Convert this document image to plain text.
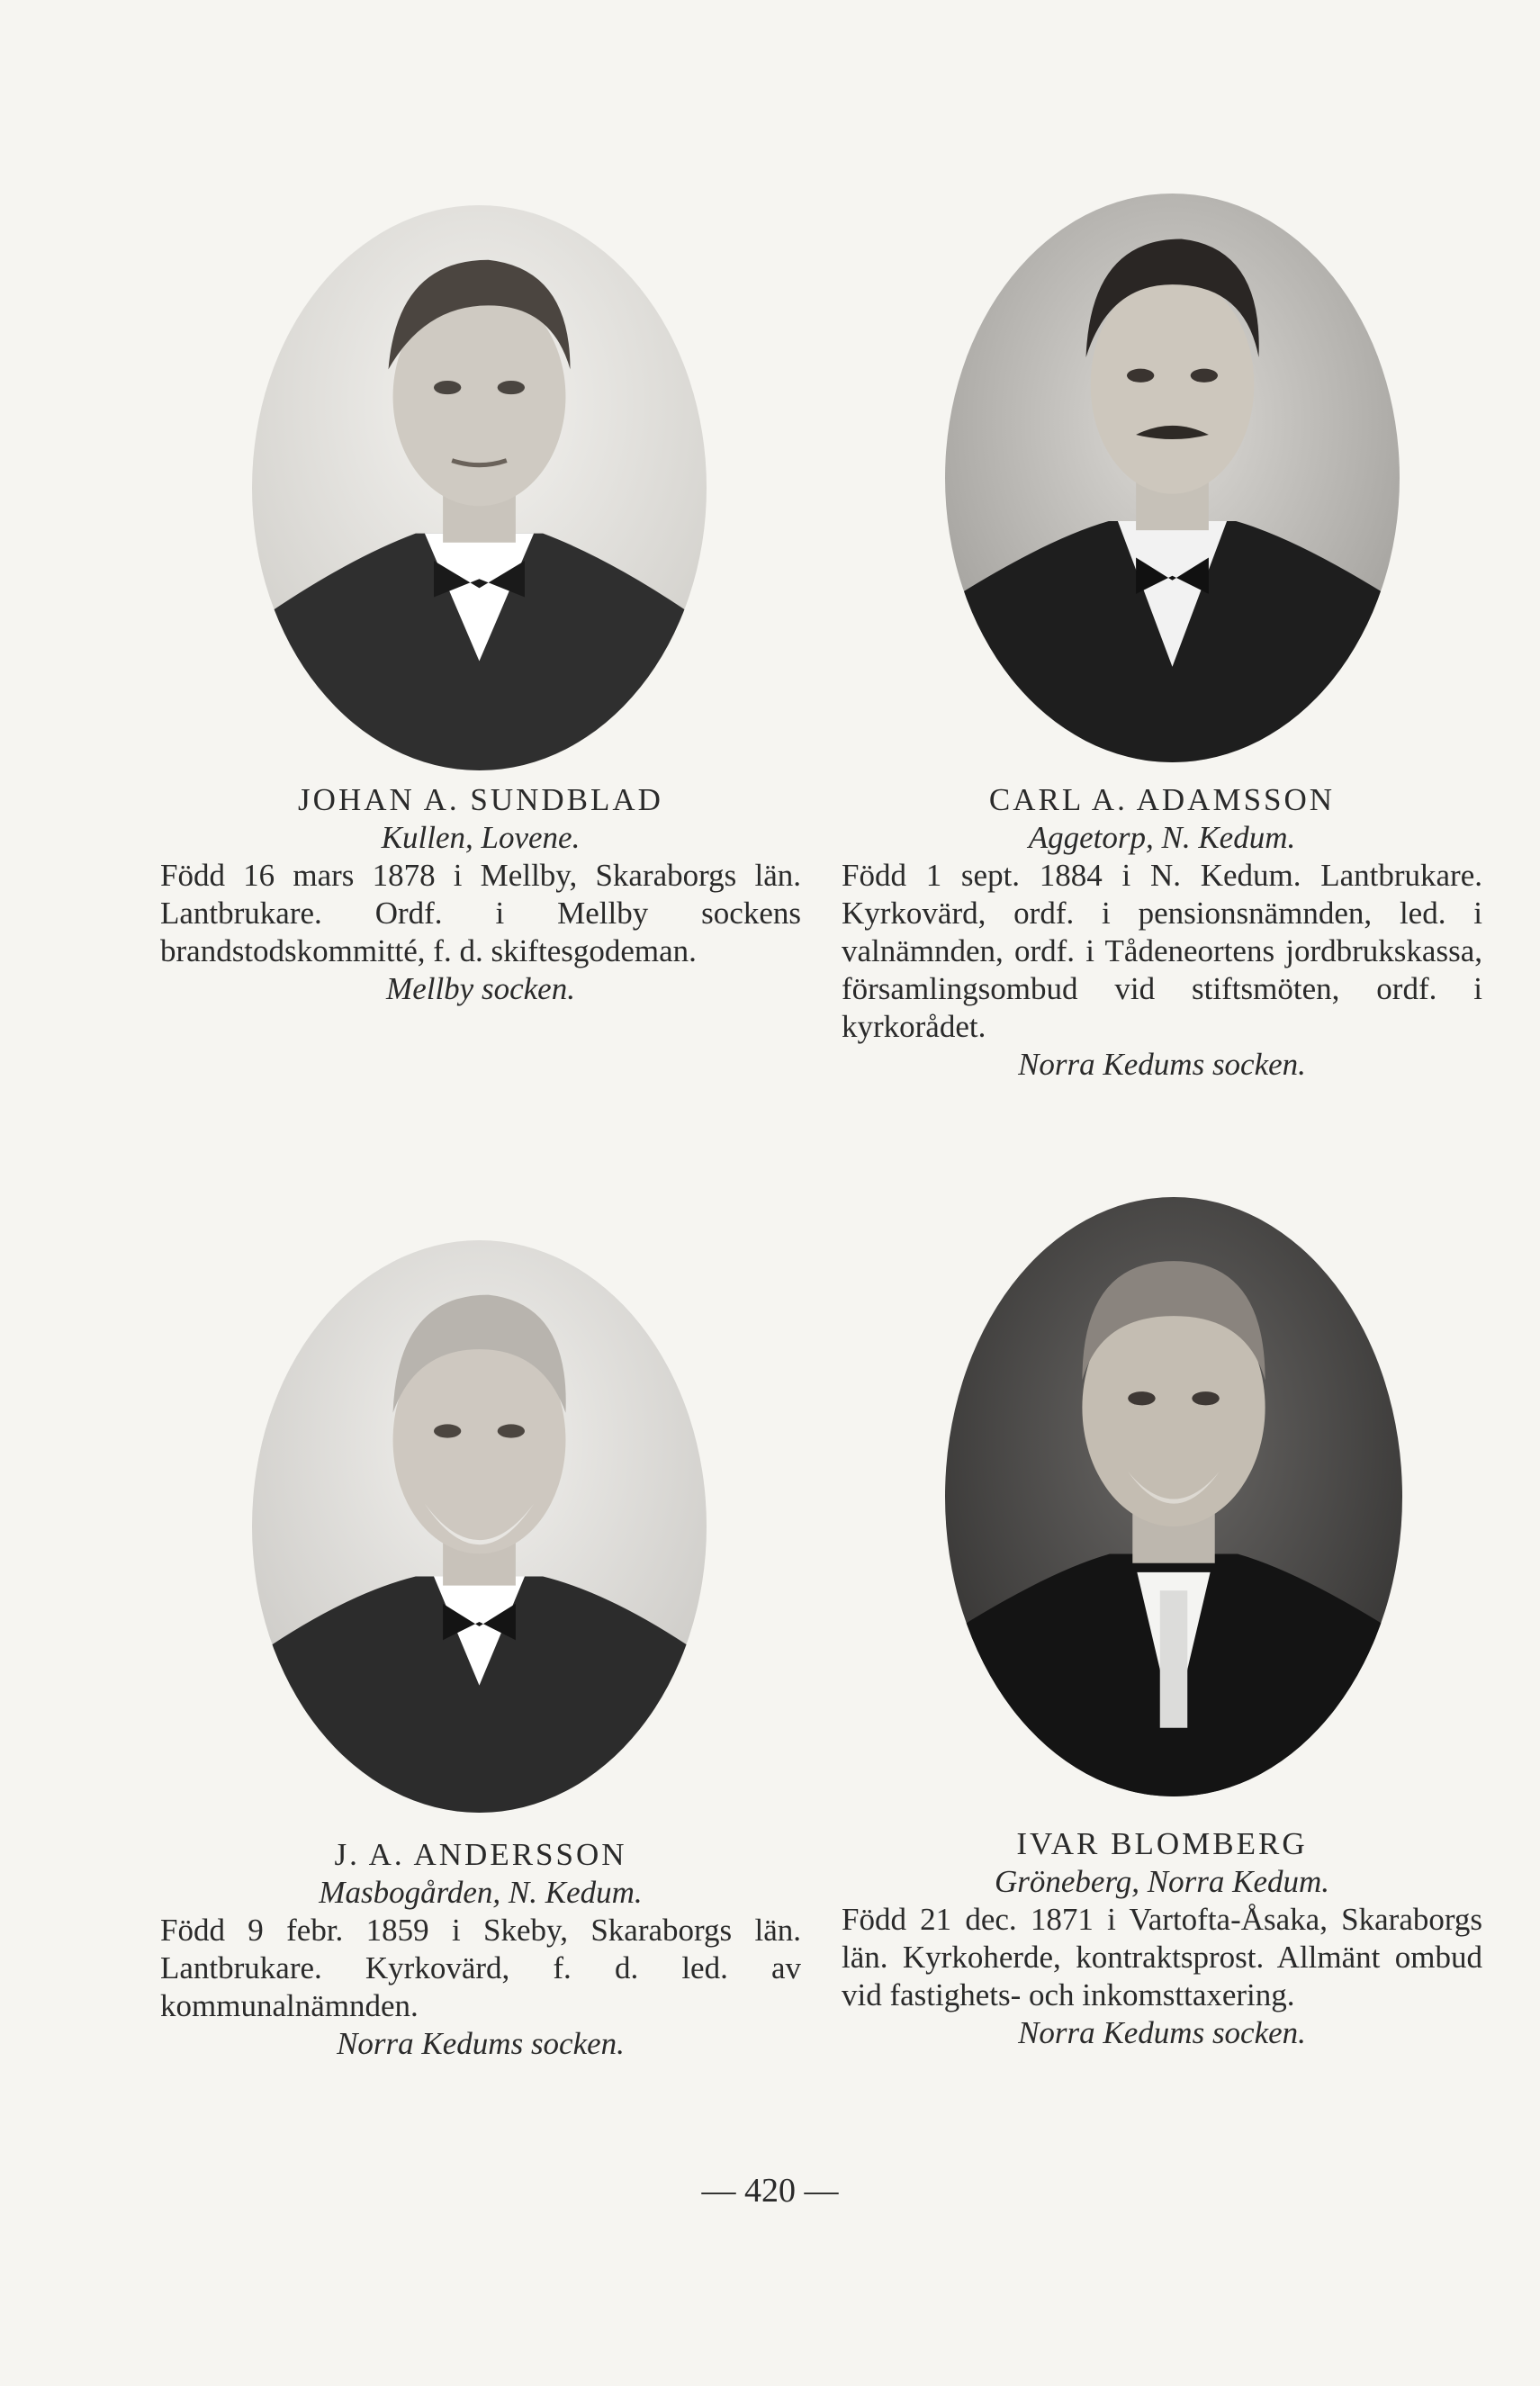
JOHAN A. SUNDBLAD
Kullen, Lovene.
Född 16 mars 1878 i Mellby, Skaraborgs län. Lantbrukare. Ordf. i Mellby sockens brandstodskommitté, f. d. skiftesgodeman.
Mellby socken.
CARL A. ADAMSSON
Aggetorp, N. Kedum.
Född 1 sept. 1884 i N. Kedum. Lantbrukare. Kyrkovärd, ordf. i pensionsnämnden, led. i valnämnden, ordf. i Tådeneortens jordbrukskassa, församlingsombud vid stiftsmöten, ordf. i kyrkorådet.
Norra Kedums socken.
J. A. ANDERSSON
Masbogården, N. Kedum.
Född 9 febr. 1859 i Skeby, Skaraborgs län. Lantbrukare. Kyrkovärd, f. d. led. av kommunalnämnden.
Norra Kedums socken.
IVAR BLOMBERG
Gröneberg, Norra Kedum.
Född 21 dec. 1871 i Vartofta-Åsaka, Skaraborgs län. Kyrkoherde, kontraktsprost. Allmänt ombud vid fastighets- och inkomsttaxering.
Norra Kedums socken.
— 420 —
